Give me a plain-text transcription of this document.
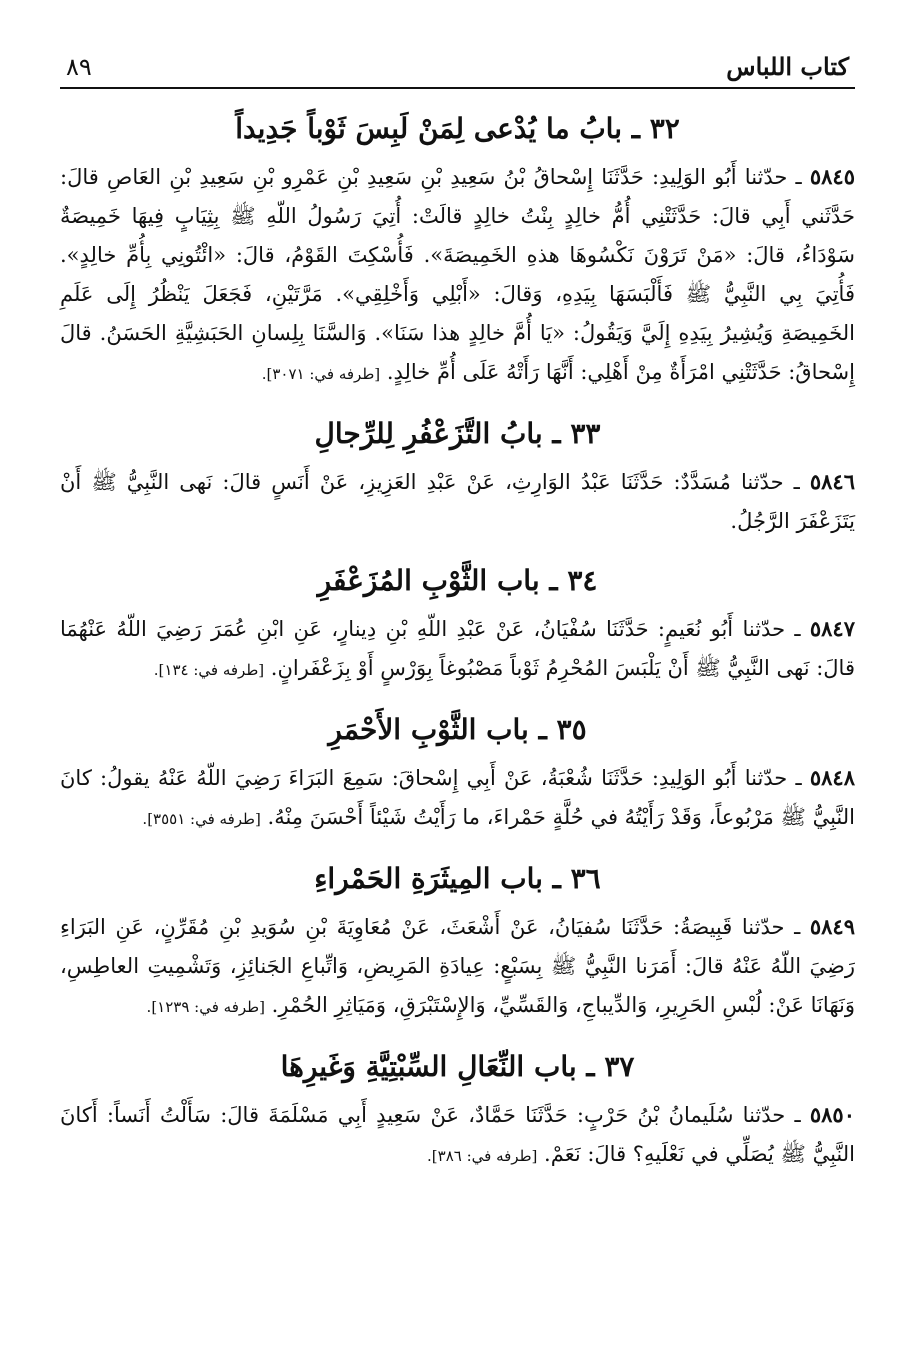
كتاب اللباس
٨٩
٣٢ ـ بابُ ما يُدْعى لِمَنْ لَبِسَ ثَوْباً جَدِيداً

٥٨٤٥ ـ حدّثنا أَبُو الوَلِيدِ: حَدَّثَنَا إِسْحاقُ بْنُ سَعِيدِ بْنِ سَعِيدِ بْنِ عَمْرِو بْنِ سَعِيدِ بْنِ العَاصِ قالَ: حَدَّثَني أَبِي قالَ: حَدَّثَتْنِي أُمُّ خالِدٍ بِنْتُ خالِدٍ قالَتْ: أُتِيَ رَسُولُ اللّهِ ﷺ بِثِيَابٍ فِيهَا خَمِيصَةٌ سَوْدَاءُ، قالَ: «مَنْ تَرَوْنَ نَكْسُوهَا هذهِ الخَمِيصَةَ». فَأُسْكِتَ القَوْمُ، قالَ: «ائْتُونِي بِأُمِّ خالِدٍ». فَأُتِيَ بِي النَّبِيُّ ﷺ فَأَلْبَسَهَا بِيَدِهِ، وَقالَ: «أَبْلِي وَأَخْلِقِي». مَرَّتَيْنِ، فَجَعَلَ يَنْظُرُ إِلَى عَلَمِ الخَمِيصَةِ وَيُشِيرُ بِيَدِهِ إِلَيَّ وَيَقُولُ: «يَا أُمَّ خالِدٍ هذا سَنَا». وَالسَّنَا بِلِسانِ الحَبَشِيَّةِ الحَسَنُ. قالَ إِسْحاقُ: حَدَّثَتْنِي امْرَأَةٌ مِنْ أَهْلِي: أَنَّهَا رَأَتْهُ عَلَى أُمِّ خالِدٍ. [طرفه في: ٣٠٧١].

٣٣ ـ بابُ التَّزَعْفُرِ لِلرِّجالِ

٥٨٤٦ ـ حدّثنا مُسَدَّدٌ: حَدَّثَنَا عَبْدُ الوَارِثِ، عَنْ عَبْدِ العَزِيزِ، عَنْ أَنَسٍ قالَ: نَهى النَّبِيُّ ﷺ أَنْ يَتَزَعْفَرَ الرَّجُلُ.

٣٤ ـ باب الثَّوْبِ المُزَعْفَرِ

٥٨٤٧ ـ حدّثنا أَبُو نُعَيمٍ: حَدَّثَنَا سُفْيَانُ، عَنْ عَبْدِ اللّهِ بْنِ دِينارٍ، عَنِ ابْنِ عُمَرَ رَضِيَ اللّهُ عَنْهُمَا قالَ: نَهى النَّبِيُّ ﷺ أَنْ يَلْبَسَ المُحْرِمُ ثَوْباً مَصْبُوغاً بِوَرْسٍ أَوْ بِزَعْفَرانٍ. [طرفه في: ١٣٤].

٣٥ ـ باب الثَّوْبِ الأَحْمَرِ

٥٨٤٨ ـ حدّثنا أَبُو الوَلِيدِ: حَدَّثَنَا شُعْبَةُ، عَنْ أَبِي إِسْحاقَ: سَمِعَ البَرَاءَ رَضِيَ اللّهُ عَنْهُ يقولُ: كانَ النَّبِيُّ ﷺ مَرْبُوعاً، وَقَدْ رَأَيْتُهُ في حُلَّةٍ حَمْراءَ، ما رَأَيْتُ شَيْئاً أَحْسَنَ مِنْهُ. [طرفه في: ٣٥٥١].

٣٦ ـ باب المِيثَرَةِ الحَمْراءِ

٥٨٤٩ ـ حدّثنا قَبِيصَةُ: حَدَّثَنَا سُفيَانُ، عَنْ أَشْعَثَ، عَنْ مُعَاوِيَةَ بْنِ سُوَيدِ بْنِ مُقَرِّنٍ، عَنِ البَرَاءِ رَضِيَ اللّهُ عَنْهُ قالَ: أَمَرَنا النَّبِيُّ ﷺ بِسَبْعٍ: عِيادَةِ المَرِيضِ، وَاتِّباعِ الجَنائِزِ، وَتَشْمِيتِ العاطِسِ، وَنَهَانَا عَنْ: لُبْسِ الحَرِيرِ، وَالدِّيباجِ، وَالقَسِّيِّ، وَالإِسْتَبْرَقِ، وَمَيَاثِرِ الحُمْرِ. [طرفه في: ١٢٣٩].

٣٧ ـ باب النِّعَالِ السِّبْتِيَّةِ وَغَيرِهَا

٥٨٥٠ ـ حدّثنا سُلَيمانُ بْنُ حَرْبٍ: حَدَّثَنَا حَمَّادٌ، عَنْ سَعِيدٍ أَبِي مَسْلَمَةَ قالَ: سَأَلْتُ أَنَساً: أَكانَ النَّبِيُّ ﷺ يُصَلِّي في نَعْلَيهِ؟ قالَ: نَعَمْ. [طرفه في: ٣٨٦].
